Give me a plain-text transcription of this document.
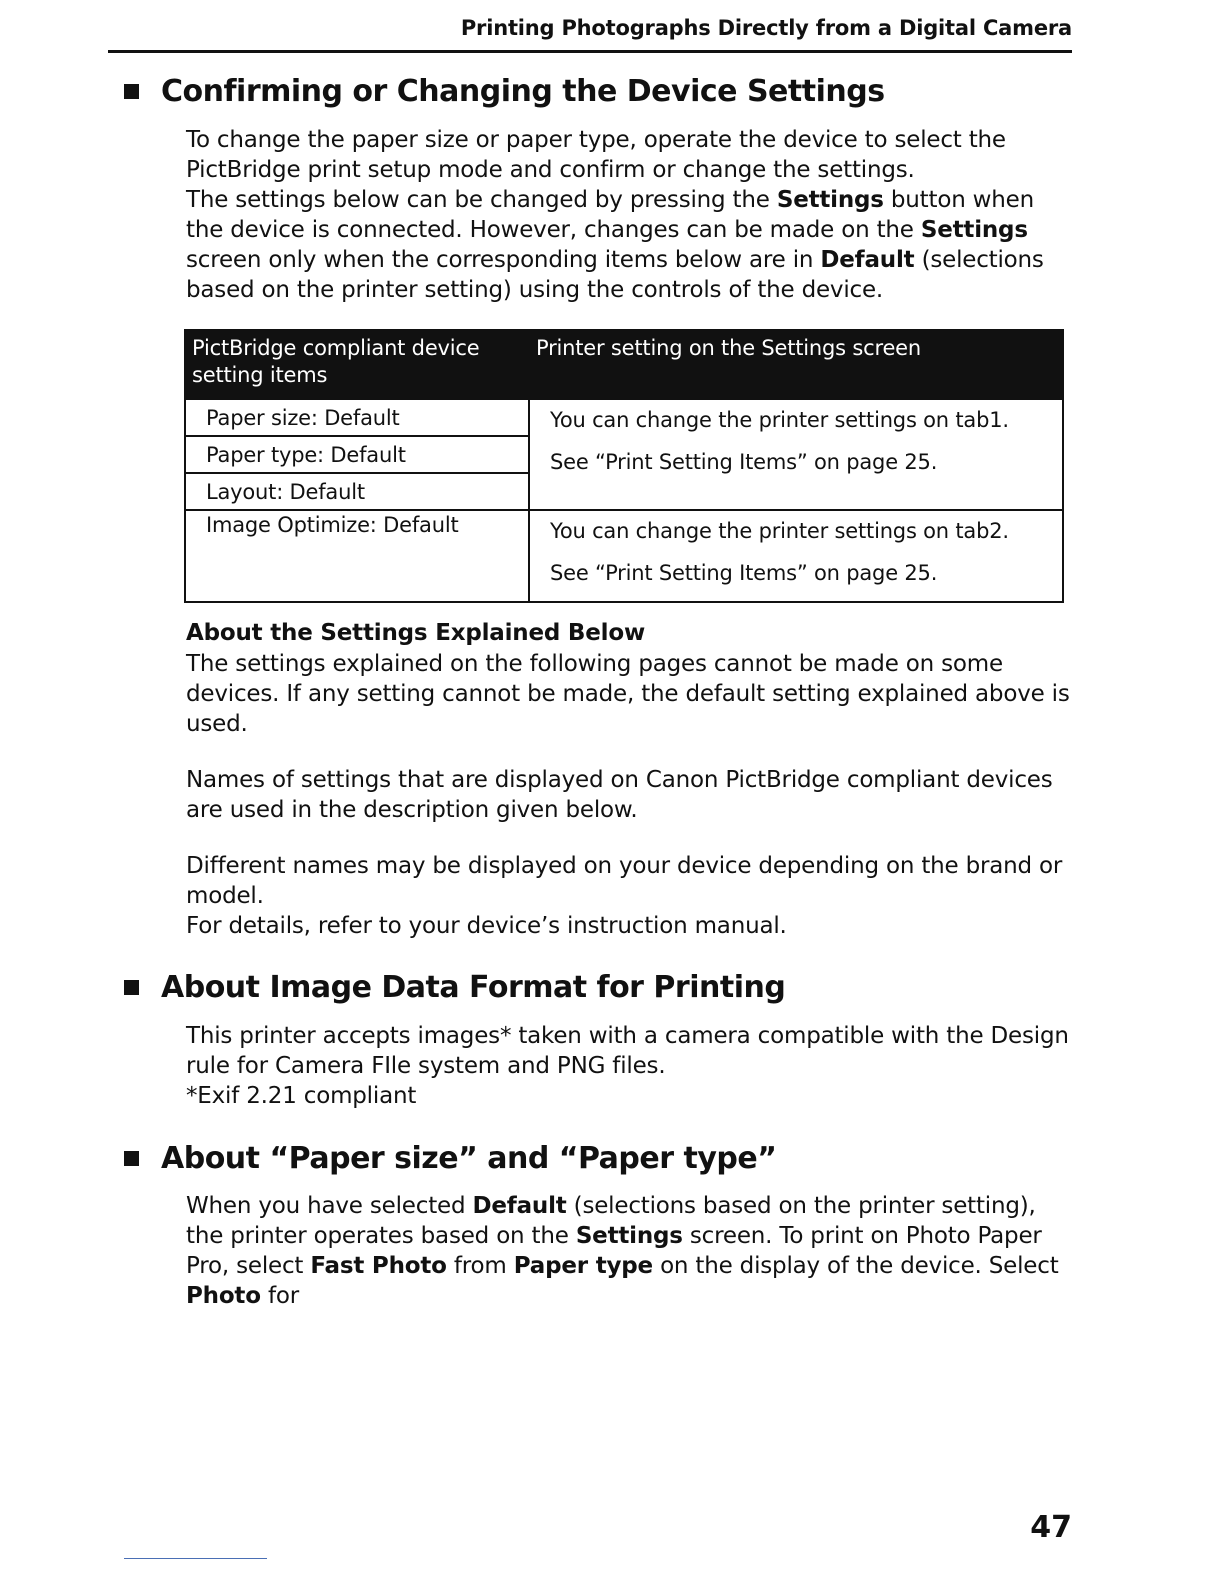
Printing Photographs Directly from a Digital Camera
Confirming or Changing the Device Settings

To change the paper size or paper type, operate the device to select the PictBridge print setup mode and confirm or change the settings.

The settings below can be changed by pressing the Settings button when the device is connected. However, changes can be made on the Settings screen only when the corresponding items below are in Default (selections based on the printer setting) using the controls of the device.

PictBridge compliant device setting items	Printer setting on the Settings screen
Paper size: Default	You can change the printer settings on tab1.
See “Print Setting Items” on page 25.

Paper type: Default	
Layout: Default	
Image Optimize: Default	You can change the printer settings on tab2.
See “Print Setting Items” on page 25.
About the Settings Explained Below

The settings explained on the following pages cannot be made on some devices. If any setting cannot be made, the default setting explained above is used.

Names of settings that are displayed on Canon PictBridge compliant devices are used in the description given below.

Different names may be displayed on your device depending on the brand or model.

For details, refer to your device’s instruction manual.

About Image Data Format for Printing

This printer accepts images* taken with a camera compatible with the Design rule for Camera FIle system and PNG files.

*Exif 2.21 compliant

About “Paper size” and “Paper type”

When you have selected Default (selections based on the printer setting), the printer operates based on the Settings screen. To print on Photo Paper Pro, select Fast Photo from Paper type on the display of the device. Select Photo for

47
